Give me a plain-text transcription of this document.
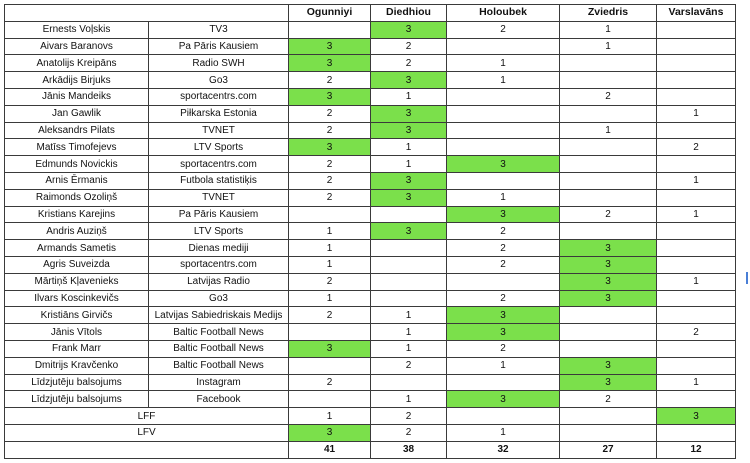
		Ogunniyi	Diedhiou	Holoubek	Zviedris	Varslavāns
Ernests Voļskis	TV3		3	2	1	
Aivars Baranovs	Pa Pāris Kausiem	3	2		1	
Anatolijs Kreipāns	Radio SWH	3	2	1		
Arkādijs Birjuks	Go3	2	3	1		
Jānis Mandeiks	sportacentrs.com	3	1		2	
Jan Gawlik	Piłkarska Estonia	2	3			1
Aleksandrs Pilats	TVNET	2	3		1	
Matīss Timofejevs	LTV Sports	3	1			2
Edmunds Novickis	sportacentrs.com	2	1	3		
Arnis Ērmanis	Futbola statistiķis	2	3			1
Raimonds Ozoliņš	TVNET	2	3	1		
Kristians Karejins	Pa Pāris Kausiem			3	2	1
Andris Auziņš	LTV Sports	1	3	2		
Armands Sametis	Dienas mediji	1		2	3	
Agris Suveizda	sportacentrs.com	1		2	3	
Mārtiņš Kļavenieks	Latvijas Radio	2			3	1
Ilvars Koscinkevičs	Go3	1		2	3	
Kristiāns Girvičs	Latvijas Sabiedriskais Medijs	2	1	3		
Jānis Vītols	Baltic Football News		1	3		2
Frank Marr	Baltic Football News	3	1	2		
Dmitrijs Kravčenko	Baltic Football News		2	1	3	
Līdzjutēju balsojums	Instagram	2			3	1
Līdzjutēju balsojums	Facebook		1	3	2	
LFF		1	2			3
LFV		3	2	1		
		41	38	32	27	12
